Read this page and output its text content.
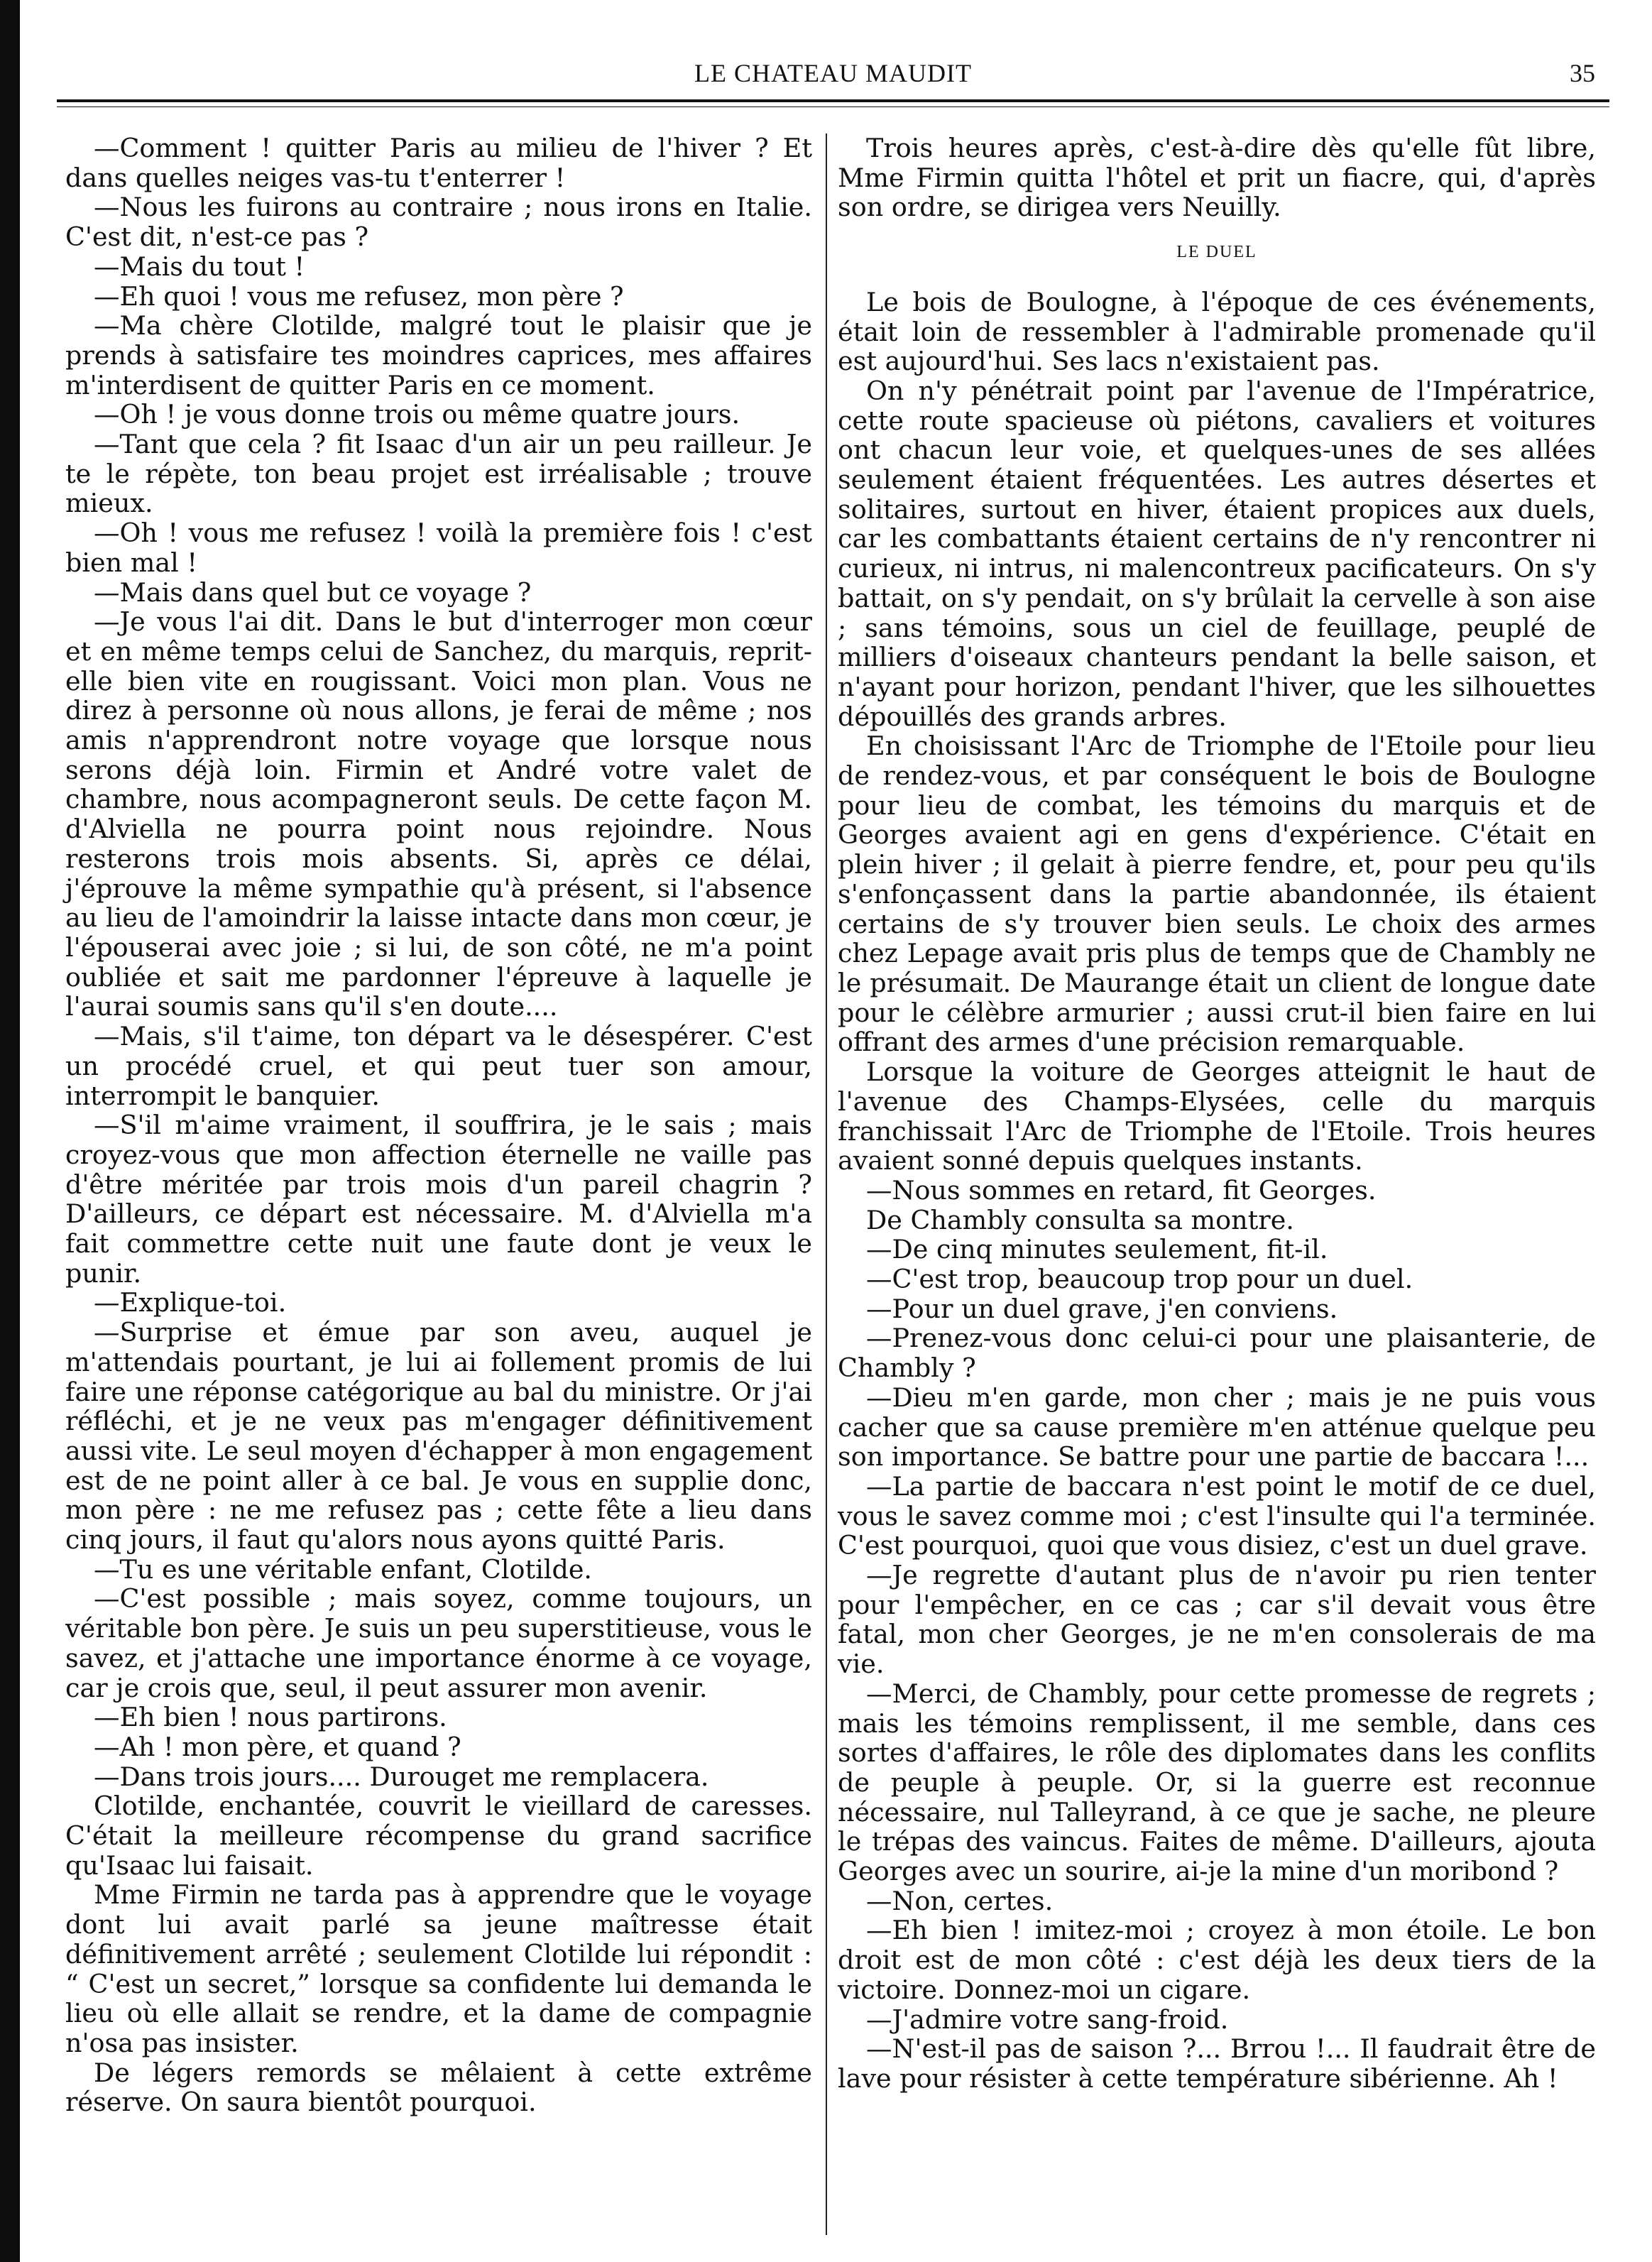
LE CHATEAU MAUDIT	35

—Comment ! quitter Paris au milieu de l'hiver ? Et dans quelles neiges vas-tu t'enterrer !

—Nous les fuirons au contraire ; nous irons en Italie. C'est dit, n'est-ce pas ?

—Mais du tout !

—Eh quoi ! vous me refusez, mon père ?

—Ma chère Clotilde, malgré tout le plaisir que je prends à satisfaire tes moindres caprices, mes affaires m'interdisent de quitter Paris en ce moment.

—Oh ! je vous donne trois ou même quatre jours.

—Tant que cela ? fit Isaac d'un air un peu railleur. Je te le répète, ton beau projet est irréalisable ; trouve mieux.

—Oh ! vous me refusez ! voilà la première fois ! c'est bien mal !

—Mais dans quel but ce voyage ?

—Je vous l'ai dit. Dans le but d'interroger mon cœur et en même temps celui de Sanchez, du marquis, reprit-elle bien vite en rougissant. Voici mon plan. Vous ne direz à personne où nous allons, je ferai de même ; nos amis n'apprendront notre voyage que lorsque nous serons déjà loin. Firmin et André votre valet de chambre, nous acompagneront seuls. De cette façon M. d'Alviella ne pourra point nous rejoindre. Nous resterons trois mois absents. Si, après ce délai, j'éprouve la même sympathie qu'à présent, si l'absence au lieu de l'amoindrir la laisse intacte dans mon cœur, je l'épouserai avec joie ; si lui, de son côté, ne m'a point oubliée et sait me pardonner l'épreuve à laquelle je l'aurai soumis sans qu'il s'en doute....

—Mais, s'il t'aime, ton départ va le désespérer. C'est un procédé cruel, et qui peut tuer son amour, interrompit le banquier.

—S'il m'aime vraiment, il souffrira, je le sais ; mais croyez-vous que mon affection éternelle ne vaille pas d'être méritée par trois mois d'un pareil chagrin ? D'ailleurs, ce départ est nécessaire. M. d'Alviella m'a fait commettre cette nuit une faute dont je veux le punir.

—Explique-toi.

—Surprise et émue par son aveu, auquel je m'attendais pourtant, je lui ai follement promis de lui faire une réponse catégorique au bal du ministre. Or j'ai réfléchi, et je ne veux pas m'engager définitivement aussi vite. Le seul moyen d'échapper à mon engagement est de ne point aller à ce bal. Je vous en supplie donc, mon père : ne me refusez pas ; cette fête a lieu dans cinq jours, il faut qu'alors nous ayons quitté Paris.

—Tu es une véritable enfant, Clotilde.

—C'est possible ; mais soyez, comme toujours, un véritable bon père. Je suis un peu superstitieuse, vous le savez, et j'attache une importance énorme à ce voyage, car je crois que, seul, il peut assurer mon avenir.

—Eh bien ! nous partirons.

—Ah ! mon père, et quand ?

—Dans trois jours.... Durouget me remplacera.

Clotilde, enchantée, couvrit le vieillard de caresses. C'était la meilleure récompense du grand sacrifice qu'Isaac lui faisait.

Mme Firmin ne tarda pas à apprendre que le voyage dont lui avait parlé sa jeune maîtresse était définitivement arrêté ; seulement Clotilde lui répondit : “ C'est un secret,” lorsque sa confidente lui demanda le lieu où elle allait se rendre, et la dame de compagnie n'osa pas insister.

De légers remords se mêlaient à cette extrême réserve. On saura bientôt pourquoi.

Trois heures après, c'est-à-dire dès qu'elle fût libre, Mme Firmin quitta l'hôtel et prit un fiacre, qui, d'après son ordre, se dirigea vers Neuilly.

LE DUEL

Le bois de Boulogne, à l'époque de ces événements, était loin de ressembler à l'admirable promenade qu'il est aujourd'hui. Ses lacs n'existaient pas.

On n'y pénétrait point par l'avenue de l'Impératrice, cette route spacieuse où piétons, cavaliers et voitures ont chacun leur voie, et quelques-unes de ses allées seulement étaient fréquentées. Les autres désertes et solitaires, surtout en hiver, étaient propices aux duels, car les combattants étaient certains de n'y rencontrer ni curieux, ni intrus, ni malencontreux pacificateurs. On s'y battait, on s'y pendait, on s'y brûlait la cervelle à son aise ; sans témoins, sous un ciel de feuillage, peuplé de milliers d'oiseaux chanteurs pendant la belle saison, et n'ayant pour horizon, pendant l'hiver, que les silhouettes dépouillés des grands arbres.

En choisissant l'Arc de Triomphe de l'Etoile pour lieu de rendez-vous, et par conséquent le bois de Boulogne pour lieu de combat, les témoins du marquis et de Georges avaient agi en gens d'expérience. C'était en plein hiver ; il gelait à pierre fendre, et, pour peu qu'ils s'enfonçassent dans la partie abandonnée, ils étaient certains de s'y trouver bien seuls. Le choix des armes chez Lepage avait pris plus de temps que de Chambly ne le présumait. De Maurange était un client de longue date pour le célèbre armurier ; aussi crut-il bien faire en lui offrant des armes d'une précision remarquable.

Lorsque la voiture de Georges atteignit le haut de l'avenue des Champs-Elysées, celle du marquis franchissait l'Arc de Triomphe de l'Etoile. Trois heures avaient sonné depuis quelques instants.

—Nous sommes en retard, fit Georges.

De Chambly consulta sa montre.

—De cinq minutes seulement, fit-il.

—C'est trop, beaucoup trop pour un duel.

—Pour un duel grave, j'en conviens.

—Prenez-vous donc celui-ci pour une plaisanterie, de Chambly ?

—Dieu m'en garde, mon cher ; mais je ne puis vous cacher que sa cause première m'en atténue quelque peu son importance. Se battre pour une partie de baccara !...

—La partie de baccara n'est point le motif de ce duel, vous le savez comme moi ; c'est l'insulte qui l'a terminée. C'est pourquoi, quoi que vous disiez, c'est un duel grave.

—Je regrette d'autant plus de n'avoir pu rien tenter pour l'empêcher, en ce cas ; car s'il devait vous être fatal, mon cher Georges, je ne m'en consolerais de ma vie.

—Merci, de Chambly, pour cette promesse de regrets ; mais les témoins remplissent, il me semble, dans ces sortes d'affaires, le rôle des diplomates dans les conflits de peuple à peuple. Or, si la guerre est reconnue nécessaire, nul Talleyrand, à ce que je sache, ne pleure le trépas des vaincus. Faites de même. D'ailleurs, ajouta Georges avec un sourire, ai-je la mine d'un moribond ?

—Non, certes.

—Eh bien ! imitez-moi ; croyez à mon étoile. Le bon droit est de mon côté : c'est déjà les deux tiers de la victoire. Donnez-moi un cigare.

—J'admire votre sang-froid.

—N'est-il pas de saison ?... Brrou !... Il faudrait être de lave pour résister à cette température sibérienne. Ah !
